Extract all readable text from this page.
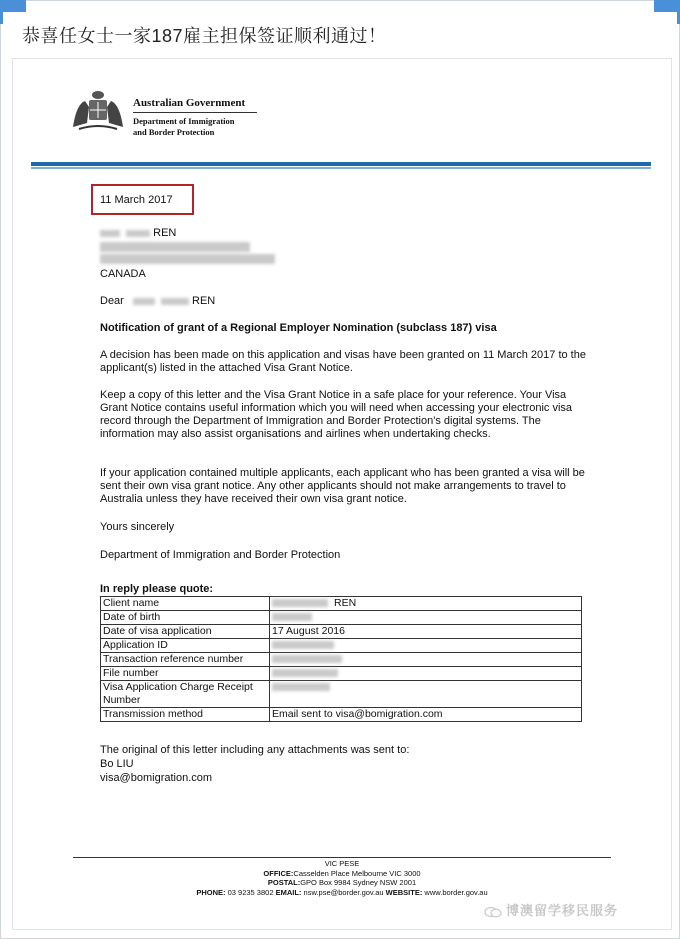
恭喜任女士一家187雇主担保签证顺利通过！
Australian Government
Department of Immigration
and Border Protection
11 March 2017
REN
CANADA
Dear	REN
Notification of grant of a Regional Employer Nomination (subclass 187) visa
A decision has been made on this application and visas have been granted on 11 March 2017 to the applicant(s) listed in the attached Visa Grant Notice.
Keep a copy of this letter and the Visa Grant Notice in a safe place for your reference. Your Visa Grant Notice contains useful information which you will need when accessing your electronic visa record through the Department of Immigration and Border Protection's digital systems. The information may also assist organisations and airlines when undertaking checks.
If your application contained multiple applicants, each applicant who has been granted a visa will be sent their own visa grant notice. Any other applicants should not make arrangements to travel to Australia unless they have received their own visa grant notice.
Yours sincerely
Department of Immigration and Border Protection
In reply please quote:
Client name	REN
Date of birth	
Date of visa application	17 August 2016
Application ID	
Transaction reference number	
File number	
Visa Application Charge Receipt Number	
Transmission method	Email sent to visa@bomigration.com
The original of this letter including any attachments was sent to:
Bo LIU
visa@bomigration.com
VIC PESE
OFFICE:Casselden Place Melbourne VIC 3000
POSTAL:GPO Box 9984 Sydney NSW 2001
PHONE: 03 9235 3802 EMAIL: nsw.pse@border.gov.au WEBSITE: www.border.gov.au
博澳留学移民服务
